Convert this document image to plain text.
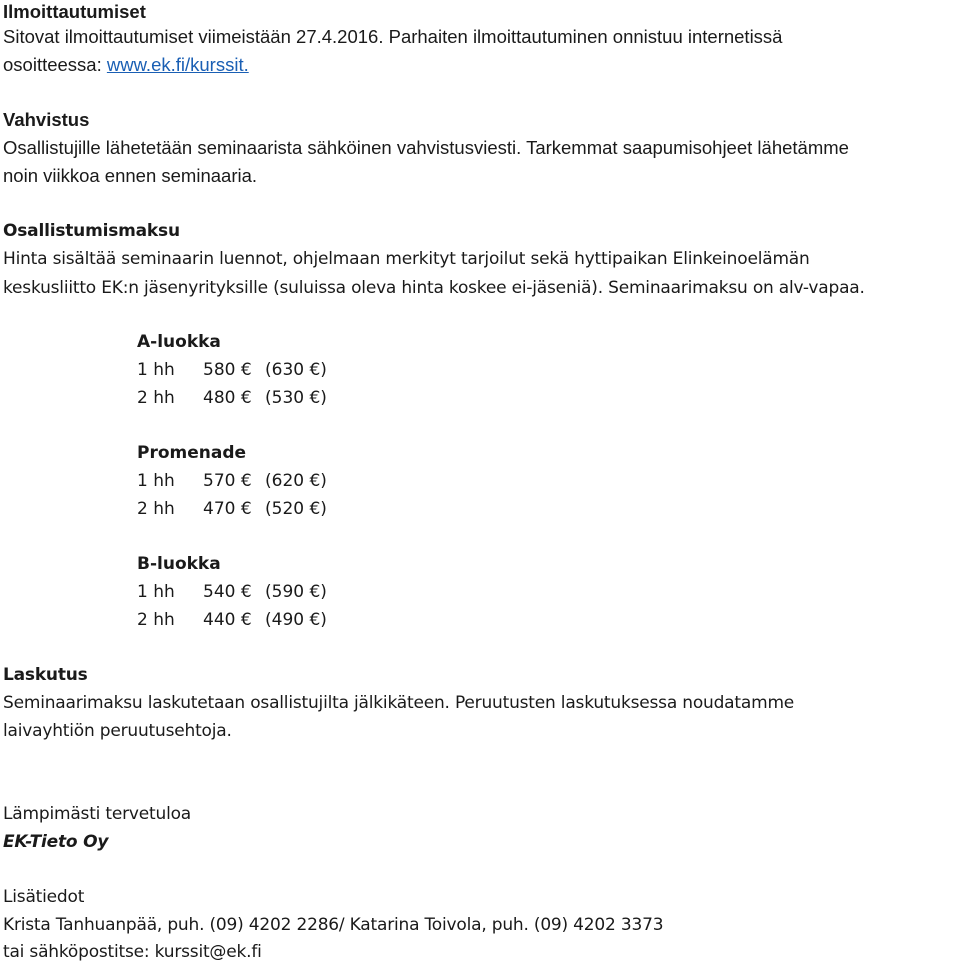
Ilmoittautumiset
Sitovat ilmoittautumiset viimeistään 27.4.2016. Parhaiten ilmoittautuminen onnistuu internetissä
osoitteessa: www.ek.fi/kurssit.
Vahvistus
Osallistujille lähetetään seminaarista sähköinen vahvistusviesti. Tarkemmat saapumisohjeet lähetämme
noin viikkoa ennen seminaaria.
Osallistumismaksu
Hinta sisältää seminaarin luennot, ohjelmaan merkityt tarjoilut sekä hyttipaikan Elinkeinoelämän
keskusliitto EK:n jäsenyrityksille (suluissa oleva hinta koskee ei-jäseniä). Seminaarimaksu on alv-vapaa.
A-luokka
1 hh 580 € (630 €)
2 hh 480 € (530 €)
Promenade
1 hh 570 € (620 €)
2 hh 470 € (520 €)
B-luokka
1 hh 540 € (590 €)
2 hh 440 € (490 €)
Laskutus
Seminaarimaksu laskutetaan osallistujilta jälkikäteen. Peruutusten laskutuksessa noudatamme
laivayhtiön peruutusehtoja.
Lämpimästi tervetuloa
EK-Tieto Oy
Lisätiedot
Krista Tanhuanpää, puh. (09) 4202 2286/ Katarina Toivola, puh. (09) 4202 3373
tai sähköpostitse: kurssit@ek.fi
